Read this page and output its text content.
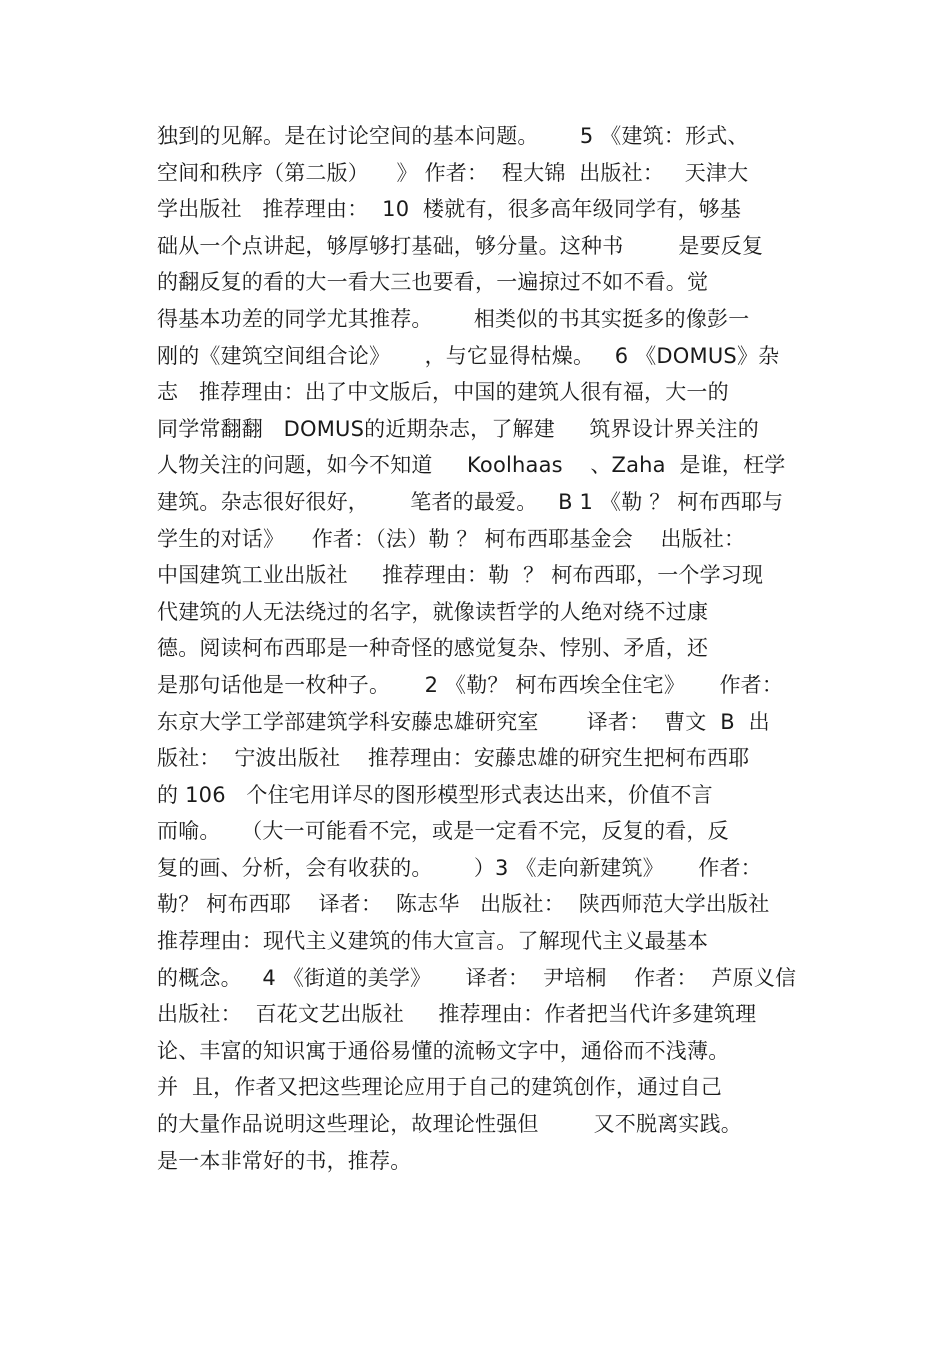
独到的见解。是在讨论空间的基本问题。      5 《建筑：形式、
空间和秩序（第二版）    》 作者：  程大锦  出版社：   天津大
学出版社   推荐理由：  10  楼就有，很多高年级同学有，够基
础从一个点讲起，够厚够打基础，够分量。这种书        是要反复
的翻反复的看的大一看大三也要看，一遍掠过不如不看。觉
得基本功差的同学尤其推荐。      相类似的书其实挺多的像彭一
刚的《建筑空间组合论》     ，与它显得枯燥。   6 《DOMUS》杂
志   推荐理由：出了中文版后，中国的建筑人很有福，大一的
同学常翻翻   DOMUS的近期杂志，了解建     筑界设计界关注的
人物关注的问题，如今不知道     Koolhaas    、Zaha  是谁，枉学
建筑。杂志很好很好，      笔者的最爱。   B 1 《勒 ？ 柯布西耶与
学生的对话》    作者：（法）勒 ？ 柯布西耶基金会    出版社：
中国建筑工业出版社     推荐理由：勒  ？ 柯布西耶，一个学习现
代建筑的人无法绕过的名字，就像读哲学的人绝对绕不过康
德。阅读柯布西耶是一种奇怪的感觉复杂、悖别、矛盾，还
是那句话他是一枚种子。     2 《勒？ 柯布西埃全住宅》     作者：
东京大学工学部建筑学科安藤忠雄研究室       译者：  曹文  B  出
版社：  宁波出版社    推荐理由：安藤忠雄的研究生把柯布西耶
的 106   个住宅用详尽的图形模型形式表达出来，价值不言
而喻。   （大一可能看不完，或是一定看不完，反复的看，反
复的画、分析，会有收获的。      ）3 《走向新建筑》     作者：
勒？ 柯布西耶    译者：  陈志华   出版社：  陕西师范大学出版社
推荐理由：现代主义建筑的伟大宣言。了解现代主义最基本
的概念。   4 《街道的美学》     译者：  尹培桐    作者：  芦原义信
出版社：  百花文艺出版社     推荐理由：作者把当代许多建筑理
论、丰富的知识寓于通俗易懂的流畅文字中，通俗而不浅薄。
并  且，作者又把这些理论应用于自己的建筑创作，通过自己
的大量作品说明这些理论，故理论性强但        又不脱离实践。
是一本非常好的书，推荐。
